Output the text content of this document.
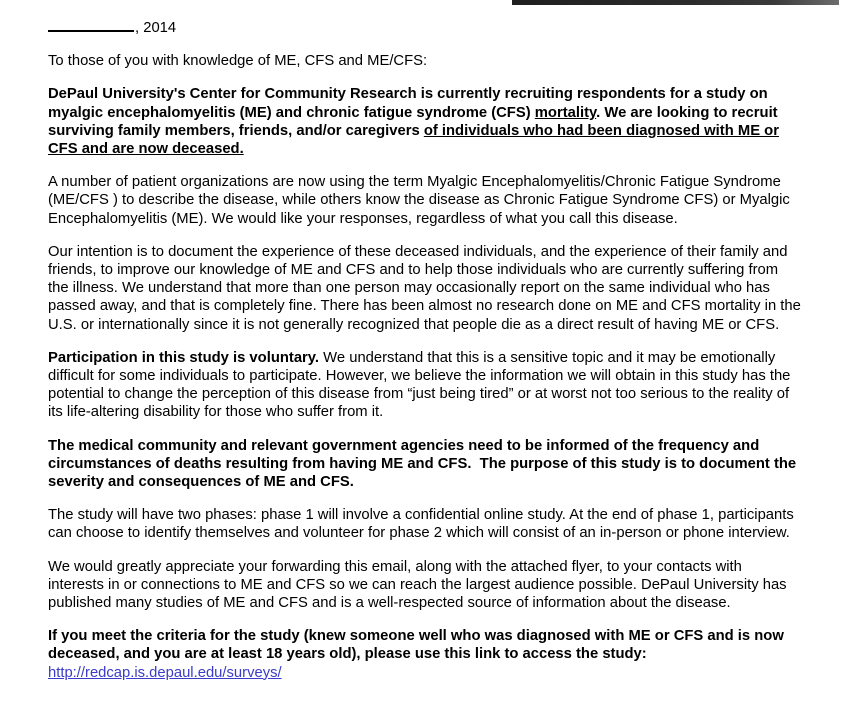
, 2014

To those of you with knowledge of ME, CFS and ME/CFS:

DePaul University's Center for Community Research is currently recruiting respondents for a study on myalgic encephalomyelitis (ME) and chronic fatigue syndrome (CFS) mortality. We are looking to recruit surviving family members, friends, and/or caregivers of individuals who had been diagnosed with ME or CFS and are now deceased.

A number of patient organizations are now using the term Myalgic Encephalomyelitis/Chronic Fatigue Syndrome (ME/CFS ) to describe the disease, while others know the disease as Chronic Fatigue Syndrome CFS) or Myalgic Encephalomyelitis (ME). We would like your responses, regardless of what you call this disease.

Our intention is to document the experience of these deceased individuals, and the experience of their family and friends, to improve our knowledge of ME and CFS and to help those individuals who are currently suffering from the illness. We understand that more than one person may occasionally report on the same individual who has passed away, and that is completely fine. There has been almost no research done on ME and CFS mortality in the U.S. or internationally since it is not generally recognized that people die as a direct result of having ME or CFS.

Participation in this study is voluntary. We understand that this is a sensitive topic and it may be emotionally difficult for some individuals to participate. However, we believe the information we will obtain in this study has the potential to change the perception of this disease from “just being tired” or at worst not too serious to the reality of its life-altering disability for those who suffer from it.

The medical community and relevant government agencies need to be informed of the frequency and circumstances of deaths resulting from having ME and CFS.  The purpose of this study is to document the severity and consequences of ME and CFS.

The study will have two phases: phase 1 will involve a confidential online study. At the end of phase 1, participants can choose to identify themselves and volunteer for phase 2 which will consist of an in-person or phone interview.

We would greatly appreciate your forwarding this email, along with the attached flyer, to your contacts with interests in or connections to ME and CFS so we can reach the largest audience possible. DePaul University has published many studies of ME and CFS and is a well-respected source of information about the disease.

If you meet the criteria for the study (knew someone well who was diagnosed with ME or CFS and is now deceased, and you are at least 18 years old), please use this link to access the study:

http://redcap.is.depaul.edu/surveys/
